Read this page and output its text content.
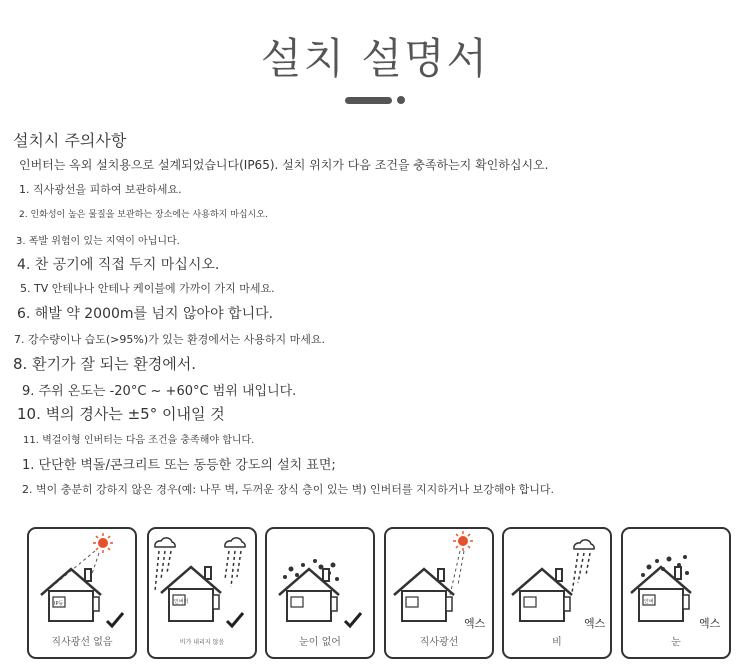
설치 설명서
설치시 주의사항
인버터는 옥외 설치용으로 설계되었습니다(IP65). 설치 위치가 다음 조건을 충족하는지 확인하십시오.
1. 직사광선을 피하여 보관하세요.
2. 인화성이 높은 물질을 보관하는 장소에는 사용하지 마십시오.
3. 폭발 위험이 있는 지역이 아닙니다.
4. 찬 공기에 직접 두지 마십시오.
5. TV 안테나나 안테나 케이블에 가까이 가지 마세요.
6. 해발 약 2000m를 넘지 않아야 합니다.
7. 강수량이나 습도(>95%)가 있는 환경에서는 사용하지 마세요.
8. 환기가 잘 되는 환경에서.
9. 주위 온도는 -20°C ~ +60°C 범위 내입니다.
10. 벽의 경사는 ±5° 이내일 것
11. 벽걸이형 인버터는 다음 조건을 충족해야 합니다.
1. 단단한 벽돌/콘크리트 또는 동등한 강도의 설치 표면;
2. 벽이 충분히 강하지 않은 경우(예: 나무 벽, 두꺼운 장식 층이 있는 벽) 인버터를 지지하거나 보강해야 합니다.
IP등
직사광선 없음
인버터
비가 내리지 않음	눈이 없어
엑스
직사광선
엑스
비
인버
엑스
눈
